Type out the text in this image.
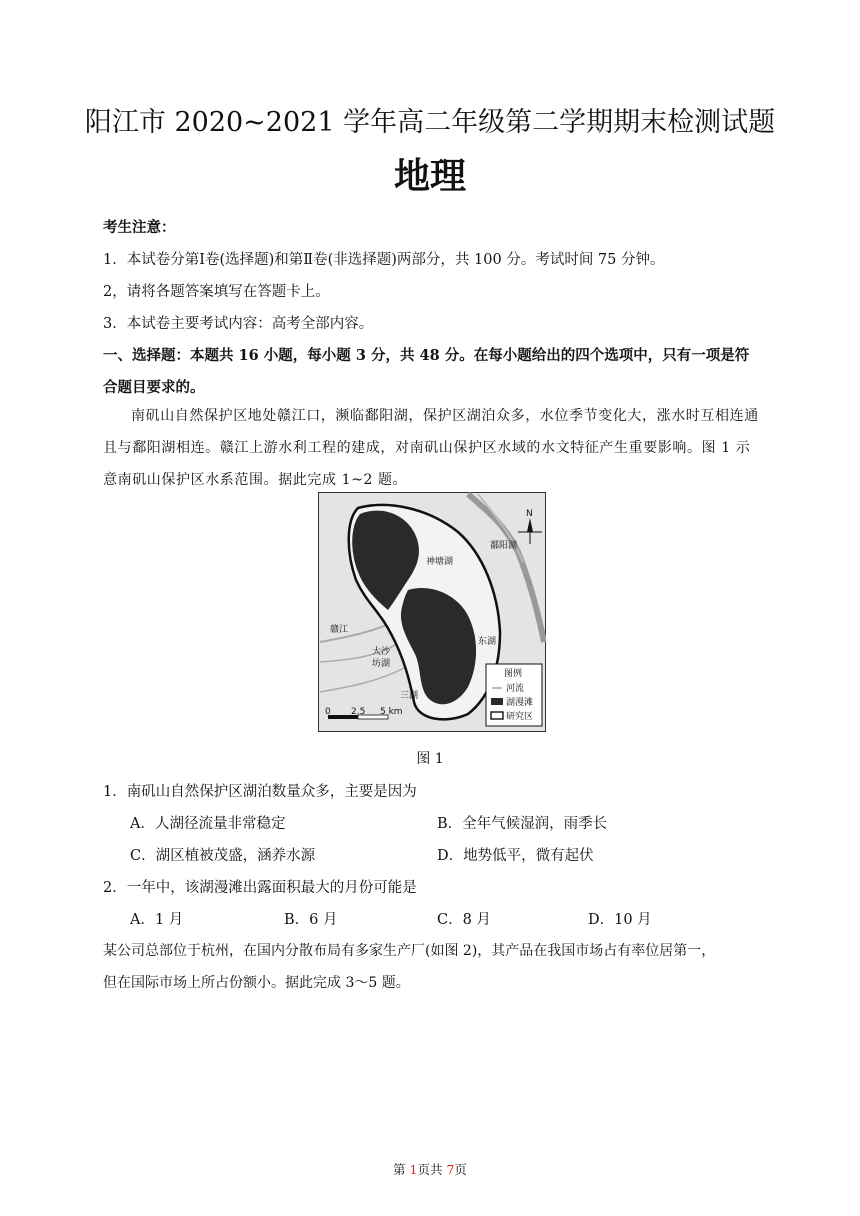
阳江市 2020~2021 学年高二年级第二学期期末检测试题
地理
考生注意：
1．本试卷分第Ⅰ卷(选择题)和第Ⅱ卷(非选择题)两部分，共 100 分。考试时间 75 分钟。
2，请将各题答案填写在答题卡上。
3．本试卷主要考试内容：高考全部内容。
一、选择题：本题共 16 小题，每小题 3 分，共 48 分。在每小题给出的四个选项中，只有一项是符
合题目要求的。
南矶山自然保护区地处赣江口，濒临鄱阳湖，保护区湖泊众多，水位季节变化大，涨水时互相连通且与鄱阳湖相连。赣江上游水利工程的建成，对南矶山保护区水域的水文特征产生重要影响。图 1 示意南矶山保护区水系范围。据此完成 1~2 题。
N
鄱阳湖
神塘湖
赣江
东湖
大沙
坊湖
三湖
0 2.5 5 km
图例
河流
湖漫滩
研究区
图 1
1．南矶山自然保护区湖泊数量众多，主要是因为
A．人湖径流量非常稳定	B．全年气候湿润，雨季长
C．湖区植被茂盛，涵养水源	D．地势低平，微有起伏
2．一年中，该湖漫滩出露面积最大的月份可能是
A．1 月	B．6 月	C．8 月	D．10 月
某公司总部位于杭州，在国内分散布局有多家生产厂(如图 2)，其产品在我国市场占有率位居第一，
但在国际市场上所占份额小。据此完成 3～5 题。
第 1页共 7页
